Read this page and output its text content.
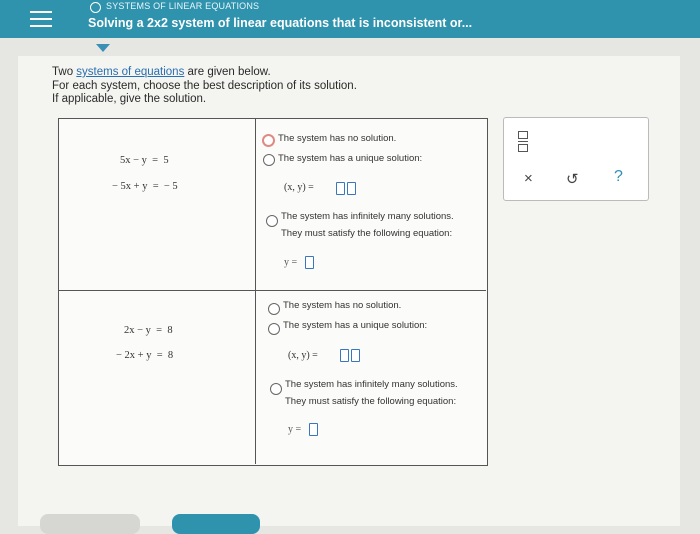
SYSTEMS OF LINEAR EQUATIONS
Solving a 2x2 system of linear equations that is inconsistent or...
Two systems of equations are given below.
For each system, choose the best description of its solution.
If applicable, give the solution.
5x − y  =  5
− 5x + y  =  − 5
The system has no solution.
The system has a unique solution:
(x, y) =
The system has infinitely many solutions.
They must satisfy the following equation:
y =
2x − y  =  8
− 2x + y  =  8
The system has no solution.
The system has a unique solution:
(x, y) =
The system has infinitely many solutions.
They must satisfy the following equation:
y =
× ↺ ?
